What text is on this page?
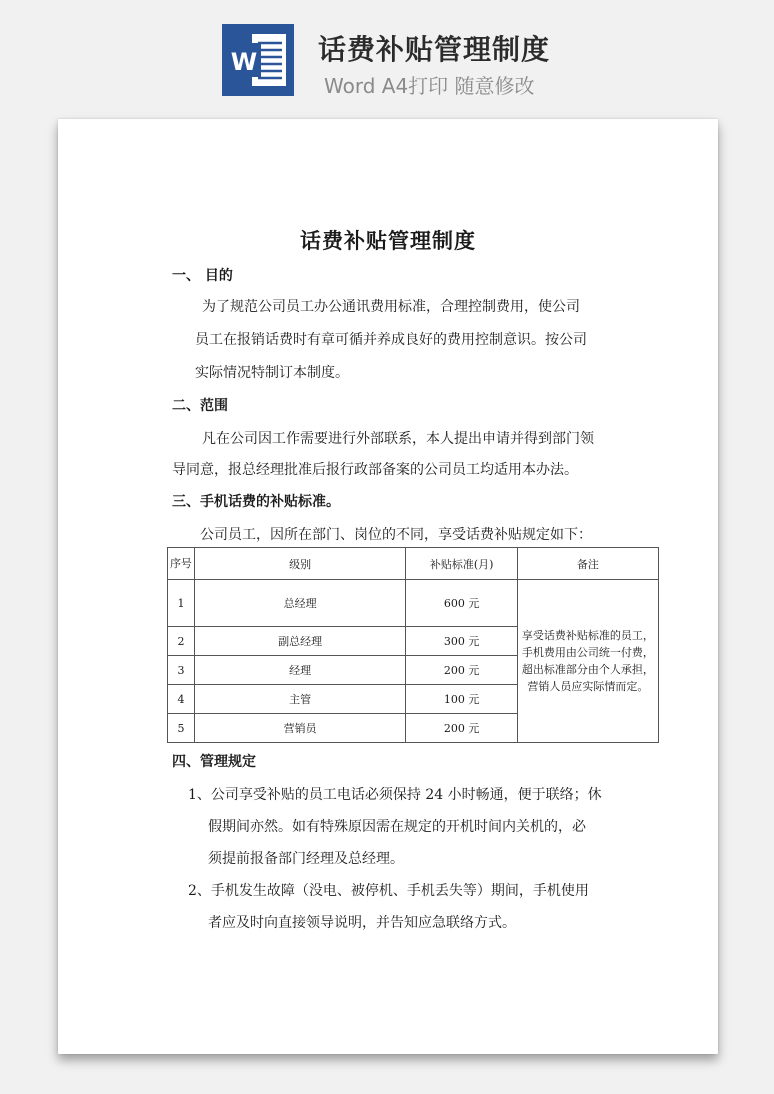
W 话费补贴管理制度
Word A4打印 随意修改
话费补贴管理制度
一、 目的
为了规范公司员工办公通讯费用标准，合理控制费用，使公司
员工在报销话费时有章可循并养成良好的费用控制意识。按公司
实际情况特制订本制度。
二、范围
凡在公司因工作需要进行外部联系，本人提出申请并得到部门领
导同意，报总经理批准后报行政部备案的公司员工均适用本办法。
三、手机话费的补贴标准。
公司员工，因所在部门、岗位的不同，享受话费补贴规定如下：
序号	级别	补贴标准(月)	备注
1	总经理	600 元	享受话费补贴标准的员工，
手机费用由公司统一付费，
超出标准部分由个人承担，
营销人员应实际情而定。

2	副总经理	300 元	
3	经理	200 元	
4	主管	100 元	
5	营销员	200 元	
四、管理规定
1、公司享受补贴的员工电话必须保持 24 小时畅通，便于联络；休
假期间亦然。如有特殊原因需在规定的开机时间内关机的，必
须提前报备部门经理及总经理。
2、手机发生故障（没电、被停机、手机丢失等）期间，手机使用
者应及时向直接领导说明，并告知应急联络方式。
